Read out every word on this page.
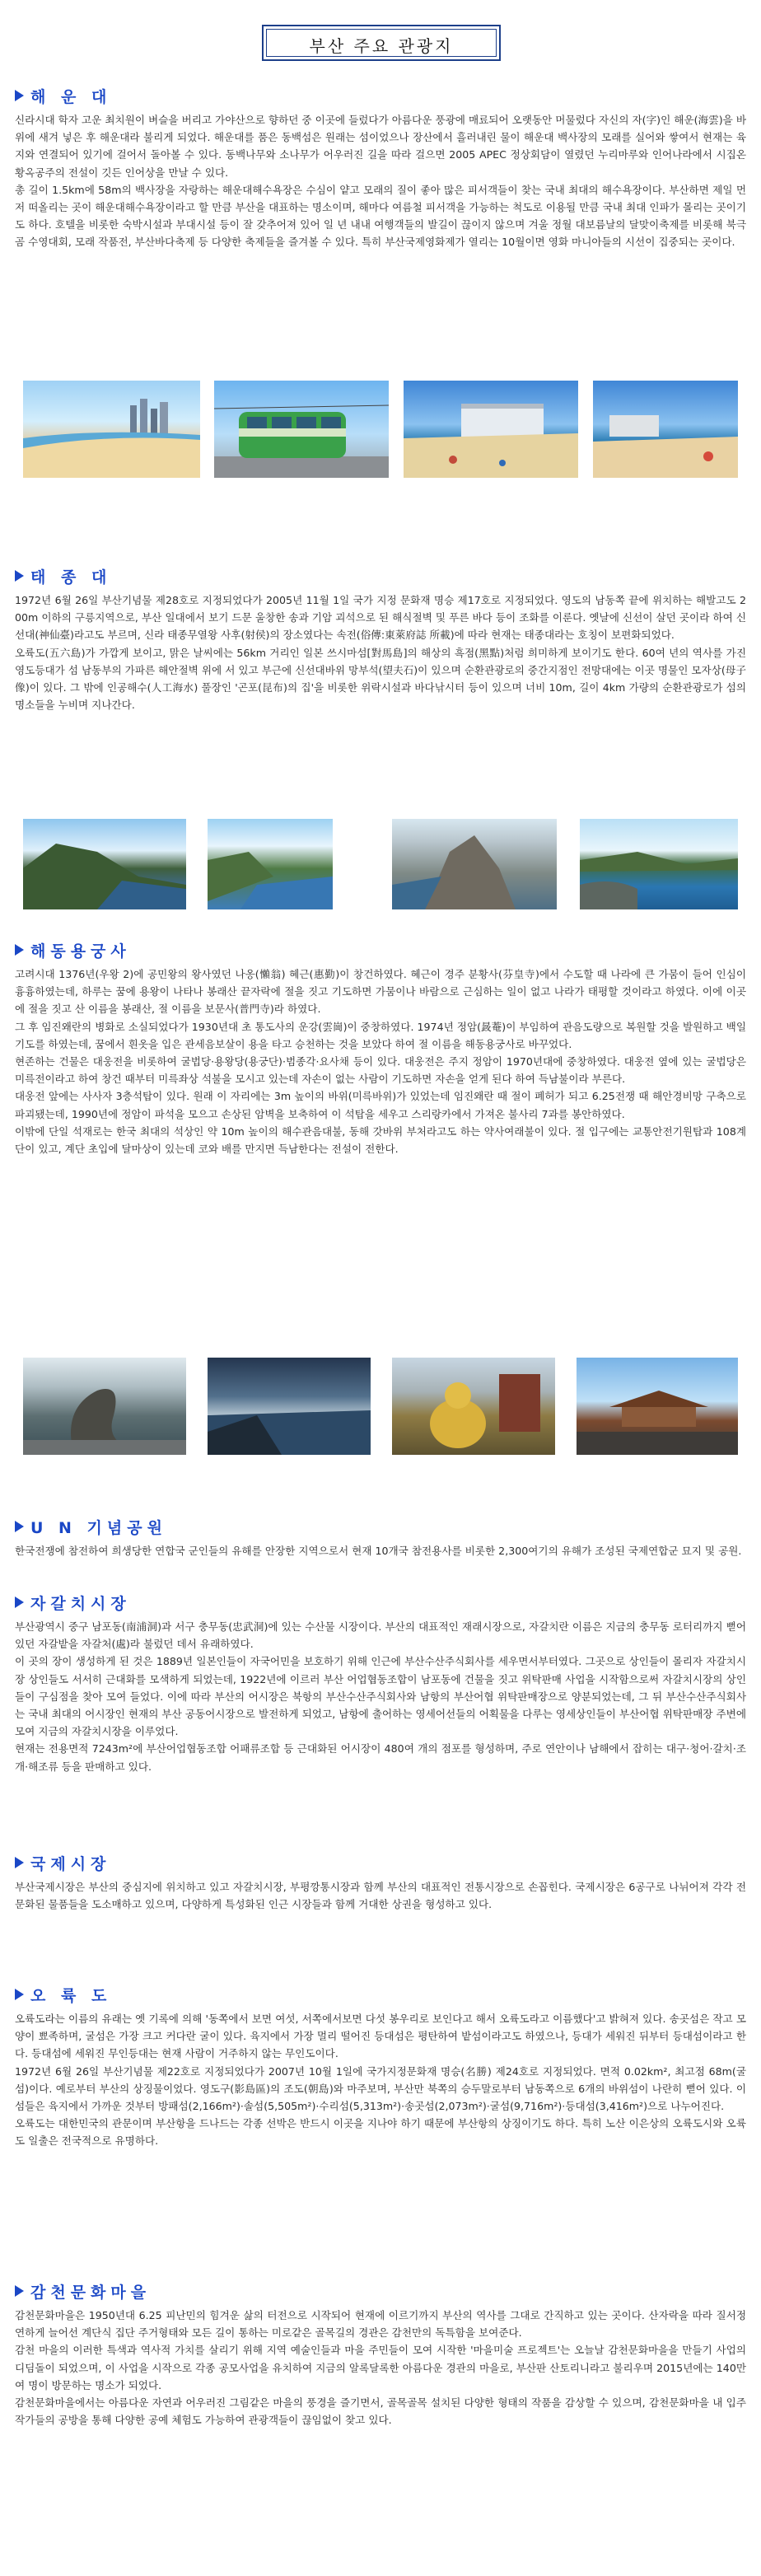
부산 주요 관광지
해 운 대

신라시대 학자 고운 최치원이 벼슬을 버리고 가야산으로 향하던 중 이곳에 들렀다가 아름다운 풍광에 매료되어 오랫동안 머물렀다 자신의 자(字)인 해운(海雲)을 바위에 새겨 넣은 후 해운대라 불리게 되었다. 해운대를 품은 동백섬은 원래는 섬이었으나 장산에서 흘러내린 물이 해운대 백사장의 모래를 실어와 쌓여서 현재는 육지와 연결되어 있기에 걸어서 돌아볼 수 있다. 동백나무와 소나무가 어우러진 길을 따라 걸으면 2005 APEC 정상회담이 열렸던 누리마루와 인어나라에서 시집온 황옥공주의 전설이 깃든 인어상을 만날 수 있다.

총 길이 1.5km에 58m의 백사장을 자랑하는 해운대해수욕장은 수심이 얕고 모래의 질이 좋아 많은 피서객들이 찾는 국내 최대의 해수욕장이다. 부산하면 제일 먼저 떠올리는 곳이 해운대해수욕장이라고 할 만큼 부산을 대표하는 명소이며, 해마다 여름철 피서객을 가능하는 척도로 이용될 만큼 국내 최대 인파가 몰리는 곳이기도 하다. 호텔을 비롯한 숙박시설과 부대시설 등이 잘 갖추어져 있어 일 년 내내 여행객들의 발길이 끊이지 않으며 겨울 정월 대보름날의 달맞이축제를 비롯해 북극곰 수영대회, 모래 작품전, 부산바다축제 등 다양한 축제들을 즐겨볼 수 있다. 특히 부산국제영화제가 열리는 10월이면 영화 마니아들의 시선이 집중되는 곳이다.

태 종 대

1972년 6월 26일 부산기념물 제28호로 지정되었다가 2005년 11월 1일 국가 지정 문화재 명승 제17호로 지정되었다. 영도의 남동쪽 끝에 위치하는 해발고도 200m 이하의 구릉지역으로, 부산 일대에서 보기 드문 울창한 송과 기암 괴석으로 된 해식절벽 및 푸른 바다 등이 조화를 이룬다. 옛날에 신선이 살던 곳이라 하여 신선대(神仙臺)라고도 부르며, 신라 태종무열왕 사후(射侯)의 장소였다는 속전(俗傳:東萊府誌 所載)에 따라 현재는 태종대라는 호칭이 보편화되었다.

오륙도(五六島)가 가깝게 보이고, 맑은 날씨에는 56km 거리인 일본 쓰시마섬[對馬島]의 해상의 흑점(黑點)처럼 희미하게 보이기도 한다. 60여 년의 역사를 가진 영도등대가 섬 남동부의 가파른 해안절벽 위에 서 있고 부근에 신선대바위 망부석(望夫石)이 있으며 순환관광로의 중간지점인 전망대에는 이곳 명물인 모자상(母子像)이 있다. 그 밖에 인공해수(人工海水) 풀장인 '곤포(昆布)의 집'을 비롯한 위락시설과 바다낚시터 등이 있으며 너비 10m, 길이 4km 가량의 순환관광로가 섬의 명소들을 누비며 지나간다.

해동용궁사

고려시대 1376년(우왕 2)에 공민왕의 왕사였던 나옹(懶翁) 혜근(惠勤)이 창건하였다. 혜근이 경주 분황사(芬皇寺)에서 수도할 때 나라에 큰 가뭄이 들어 인심이 흉흉하였는데, 하루는 꿈에 용왕이 나타나 봉래산 끝자락에 절을 짓고 기도하면 가뭄이나 바람으로 근심하는 일이 없고 나라가 태평할 것이라고 하였다. 이에 이곳에 절을 짓고 산 이름을 봉래산, 절 이름을 보문사(普門寺)라 하였다.

그 후 임진왜란의 병화로 소실되었다가 1930년대 초 통도사의 운강(雲崗)이 중창하였다. 1974년 정암(晸菴)이 부임하여 관음도량으로 복원할 것을 발원하고 백일기도를 하였는데, 꿈에서 흰옷을 입은 관세음보살이 용을 타고 승천하는 것을 보았다 하여 절 이름을 해동용궁사로 바꾸었다.

현존하는 건물은 대웅전을 비롯하여 굴법당·용왕당(용궁단)·범종각·요사채 등이 있다. 대웅전은 주지 정암이 1970년대에 중창하였다. 대웅전 옆에 있는 굴법당은 미륵전이라고 하여 창건 때부터 미륵좌상 석불을 모시고 있는데 자손이 없는 사람이 기도하면 자손을 얻게 된다 하여 득남불이라 부른다.

대웅전 앞에는 사사자 3층석탑이 있다. 원래 이 자리에는 3m 높이의 바위(미륵바위)가 있었는데 임진왜란 때 절이 폐허가 되고 6.25전쟁 때 해안경비망 구축으로 파괴됐는데, 1990년에 정암이 파석을 모으고 손상된 암벽을 보축하여 이 석탑을 세우고 스리랑카에서 가져온 불사리 7과를 봉안하였다.

이밖에 단일 석재로는 한국 최대의 석상인 약 10m 높이의 해수관음대불, 동해 갓바위 부처라고도 하는 약사여래불이 있다. 절 입구에는 교통안전기원탑과 108계단이 있고, 계단 초입에 달마상이 있는데 코와 배를 만지면 득남한다는 전설이 전한다.

U N 기념공원

한국전쟁에 참전하여 희생당한 연합국 군인들의 유해를 안장한 지역으로서 현재 10개국 참전용사를 비롯한 2,300여기의 유해가 조성된 국제연합군 묘지 및 공원.

자갈치시장

부산광역시 중구 남포동(南浦洞)과 서구 충무동(忠武洞)에 있는 수산물 시장이다. 부산의 대표적인 재래시장으로, 자갈치란 이름은 지금의 충무동 로터리까지 뻗어 있던 자갈밭을 자갈처(處)라 불렀던 데서 유래하였다.

이 곳의 장이 생성하게 된 것은 1889년 일본인들이 자국어민을 보호하기 위해 인근에 부산수산주식회사를 세우면서부터였다. 그곳으로 상인들이 몰리자 자갈치시장 상인들도 서서히 근대화를 모색하게 되었는데, 1922년에 이르러 부산 어업협동조합이 남포동에 건물을 짓고 위탁판매 사업을 시작함으로써 자갈치시장의 상인들이 구심점을 찾아 모여 들었다. 이에 따라 부산의 어시장은 북항의 부산수산주식회사와 남항의 부산어협 위탁판매장으로 양분되었는데, 그 뒤 부산수산주식회사는 국내 최대의 어시장인 현재의 부산 공동어시장으로 발전하게 되었고, 남항에 출어하는 영세어선들의 어획물을 다루는 영세상인들이 부산어협 위탁판매장 주변에 모여 지금의 자갈치시장을 이루었다.

현재는 전용면적 7243m²에 부산어업협동조합 어패류조합 등 근대화된 어시장이 480여 개의 점포를 형성하며, 주로 연안이나 남해에서 잡히는 대구·청어·갈치·조개·해조류 등을 판매하고 있다.

국제시장

부산국제시장은 부산의 중심지에 위치하고 있고 자갈치시장, 부평깡통시장과 함께 부산의 대표적인 전통시장으로 손꼽힌다. 국제시장은 6공구로 나뉘어져 각각 전문화된 물품들을 도소매하고 있으며, 다양하게 특성화된 인근 시장들과 함께 거대한 상권을 형성하고 있다.

오 륙 도

오륙도라는 이름의 유래는 옛 기록에 의해 '동쪽에서 보면 여섯, 서쪽에서보면 다섯 봉우리로 보인다고 해서 오륙도라고 이름했다'고 밝혀져 있다. 송곳섬은 작고 모양이 뾰족하며, 굴섬은 가장 크고 커다란 굴이 있다. 육지에서 가장 멀리 떨어진 등대섬은 평탄하여 밭섬이라고도 하였으나, 등대가 세워진 뒤부터 등대섬이라고 한다. 등대섬에 세워진 무인등대는 현재 사람이 거주하지 않는 무인도이다.

1972년 6월 26일 부산기념물 제22호로 지정되었다가 2007년 10월 1일에 국가지정문화재 명승(名勝) 제24호로 지정되었다. 면적 0.02km², 최고점 68m(굴섬)이다. 예로부터 부산의 상징물이었다. 영도구(影島區)의 조도(朝島)와 마주보며, 부산만 북쪽의 승두말로부터 남동쪽으로 6개의 바위섬이 나란히 뻗어 있다. 이 섬들은 육지에서 가까운 것부터 방패섬(2,166m²)·솔섬(5,505m²)·수리섬(5,313m²)·송곳섬(2,073m²)·굴섬(9,716m²)·등대섬(3,416m²)으로 나누어진다.

오륙도는 대한민국의 관문이며 부산항을 드나드는 각종 선박은 반드시 이곳을 지나야 하기 때문에 부산항의 상징이기도 하다. 특히 노산 이은상의 오륙도시와 오륙도 일출은 전국적으로 유명하다.

감천문화마을

감천문화마을은 1950년대 6.25 피난민의 힘겨운 삶의 터전으로 시작되어 현재에 이르기까지 부산의 역사를 그대로 간직하고 있는 곳이다. 산자락을 따라 질서정연하게 늘어선 계단식 집단 주거형태와 모든 길이 통하는 미로같은 골목길의 경관은 감천만의 독특함을 보여준다.

감천 마을의 이러한 특색과 역사적 가치를 살리기 위해 지역 예술인들과 마을 주민들이 모여 시작한 '마을미술 프로젝트'는 오늘날 감천문화마을을 만들기 사업의 디딤돌이 되었으며, 이 사업을 시작으로 각종 공모사업을 유치하여 지금의 알록달록한 아름다운 경관의 마을로, 부산판 산토리니라고 불리우며 2015년에는 140만여 명이 방문하는 명소가 되었다.

감천문화마을에서는 아름다운 자연과 어우러진 그림같은 마을의 풍경을 즐기면서, 골목골목 설치된 다양한 형태의 작품을 감상할 수 있으며, 감천문화마을 내 입주작가들의 공방을 통해 다양한 공예 체험도 가능하여 관광객들이 끊임없이 찾고 있다.
